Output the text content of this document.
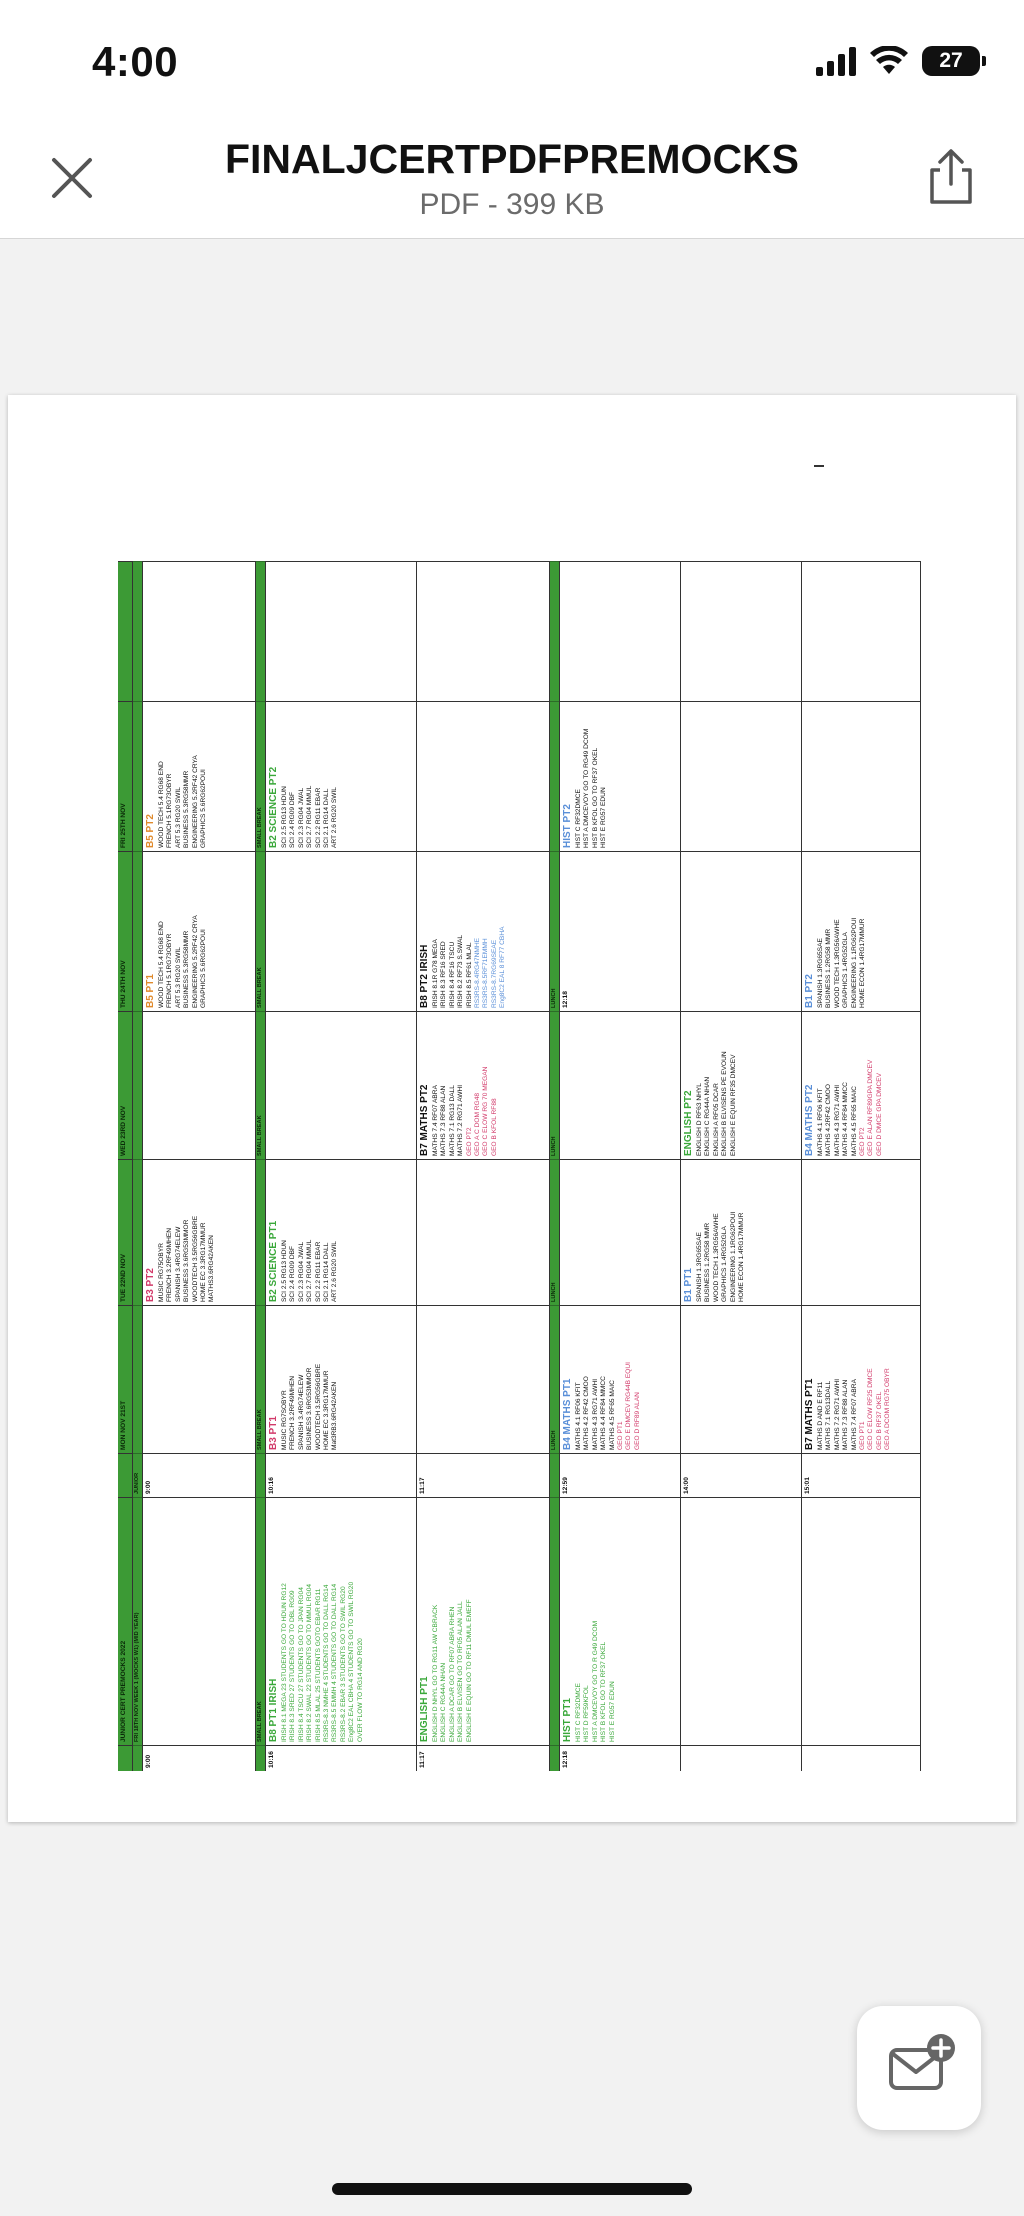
4:00	27
FINALJCERTPDFPREMOCKS
PDF - 399 KB
JUNIOR CERT PREMOCKS 2022
MON NOV 21ST
TUE 22ND NOV
WED 23RD NOV
THU 24TH NOV
FRI 25TH NOV
FRI 18TH NOV WEEK 1 (MOCKS W1) (MID YEAR)
JUNIOR
9:00
9:00
B3 PT2 MUSIC RG75OBYR FRENCH 3.2RF49MHEN SPANISH 3.4RG74ELEW BUSINESS 3.6RG53MMOR WOODTECH 3.5RG56GBRE HOME EC 3.3RG17MMUR MATHS3.6RG42AKEN
B5 PT1 WOOD TECH 5.4 RG68 END FRENCH 5.1RG73OBYR ART 5.3 RG20 SWIL BUSINESS 5.3RG58MMR ENGINEERING 5.2RF42 CRYA GRAPHICS 5.6RG62POUI
B5 PT2 WOOD TECH 5.4 RG68 END FRENCH 5.1RG73OBYR ART 5.3 RG20 SWIL BUSINESS 5.3RG58MMR ENGINEERING 5.2RF42 CRYA GRAPHICS 5.6RG62POUI
SMALL BREAK
SMALL BREAK
SMALL BREAK
SMALL BREAK
SMALL BREAK
10:16
B8 PT1 IRISH IRISH 8.1 MEGA 23 STUDENTS GO TO HDUN RG12 IRISH 8.3 SRED 27 STUDENTS GO TO DBL RG09 IRISH 8.4 TSCU 27 STUDENTS GO TO JPAN RG04 IRISH 8.2 SWAL 22 STUDENTS GO TO MMUL RG04 IRISH 8.5 MLAL 25 STUDENTS GOTO EBAR RG11 RS3RS-8.3 NMHE 4 STUDENTS GO TO DALL RG14 RS3RS-8.5 EMMH 4 STUDENTS GO TO DALL RG14 RS3RS-8.2 EBAR 3 STUDENTS GO TO SWIL RG20 Eng8C2 EAL CBHA 4 STUDENTS GO TO SWIL RG20 OVER FLOW TO RG14 AND RG20
10:16
B3 PT1 MUSIC RG7SOBYR FRENCH 3.2RF49MHEN SPANISH 3.4RG74ELEW BUSINESS 3.6RG53MMOR WOODTECH 3.5RG56GBRE HOME EC 3.3RG17MMUR Mat3RB3.6RG42AKEN
B2 SCIENCE PT1 SCI 2.5 RG13 HDUN SCI 2.4 RG09 DBF SCI 2.3 RG04 JWAL SCI 2.7 RG04 MMUL SCI 2.2 RG11 EBAR SCI 2.1 RG14 DALL ART 2.6 RG20 SWIL
B2 SCIENCE PT2 SCI 2.5 RG13 HDUN SCI 2.4 RG09 DBF SCI 2.3 RG04 JWAL SCI 2.7 RG04 MMUL SCI 2.2 RG11 EBAR SCI 2.1 RG14 DALL ART 2.6 RG20 SWIL
11:17
ENGLISH PT1 ENGLISH D NHYL GO TO RG11 AW CBRACK ENGLISH C RG44A NHAN ENGLISH A DCAR GO TO RF07 ABRA RHEN ENGLISH B ELVISEN GO TO RF05 ALAN JALL ENGLISH E EQUIN GO TO RF11 DMUL EMEFF
11:17
B7 MATHS PT2 MATHS 7.4 RF07 ABRA MATHS 7.3 RF88 ALAN MATHS 7.1 RG13 DALL MATHS 7.2 RG71 AWHI GEO PT2 GEO A C DOM RG48 GEO C ELOW RG 70 MEGAN GEO B KFOL RF88
B8 PT2 IRISH IRISH 8.1R G78 MEGA IRISH 8.3 RF16 SRED IRISH 8.4 RF16 TSCU IRISH 8.2 RF73 S.SWAL IRISH 8.5 RF61 MLAL RS3RS-8.4RG47NMHE RS3RS-8.5RF71EMMH RS3RS-8.7RG69SEAE Eng8C2 EAL 8 RF77 CBHA
LUNCH
LUNCH
LUNCH
LUNCH
12:18
HIST PT1 HIST C RF32DMCE HIST D RF59KFOL HIST A DMCEVOY GO TO R G49 DCOM HIST B KFOL GO TO RF37 OKEL HIST E RG57 EDUN
12:59
B4 MATHS PT1 MATHS 4.1 RF06 KFIT MATHS 4.2 RF42 CMOO MATHS 4.3 RG71 AWHI MATHS 4.4 RF84 MMCC MATHS 4.5 RF65 MAIC GEO PT1 GEO E DMCEV RG44B EQUI GEO D RF89 ALAN
12:18
HIST PT2 HIST C RF32DMCE HIST A DMCEVOY GO TO RG49 DCOM HIST B KFOL GO TO RF37 OKEL HIST E RG57 EDUN
14:00
B1 PT1 SPANISH 1.3RG65SAE BUSINESS 1.2RG58 MMR WOOD TECH 1.3RG56AWHE GRAPHICS 1.4RG52GLA ENGINEERING 1.1RG62POUI HOME ECON 1.4RG17MMUR
ENGLISH PT2 ENGLISH D RF63 NHYL ENGLISH C RG44A NHAN ENGLISH A RF05 DCAR ENGLISH B ELVISENS PE EVOUN ENGLISH E EQUIN RF35 DMCEV
15:01
B7 MATHS PT1 MATHS D AND E RF11 MATHS 7.1 RG13DALL MATHS 7.2 RG71 AWHI MATHS 7.3 RF88 ALAN MATHS 7.4 RF07 ABRA GEO PT1 GEO C ELOW RF25 DMCE GEO B RF37 OKEL GEO A DCOM RG75 OBYR
B4 MATHS PT2 MATHS 4.1 RF06 KFIT MATHS 4.2RF42 CMOO MATHS 4.3 RG71 AWHI MATHS 4.4 RF84 MMCC MATHS 4.5 RF65 MAIC GEO PT2 GEO E ALAN RF89GPA DMCEV GEO D DMCE GPA DMCEV
B1 PT2 SPANISH 1.3RG65SAE BUSINESS 1.2RG58 MMR WOOD TECH 1.3RG56AWHE GRAPHICS 1.4RG52GLA ENGINEERING 1.1RG62POUI HOME ECON 1.4RG17MMUR
